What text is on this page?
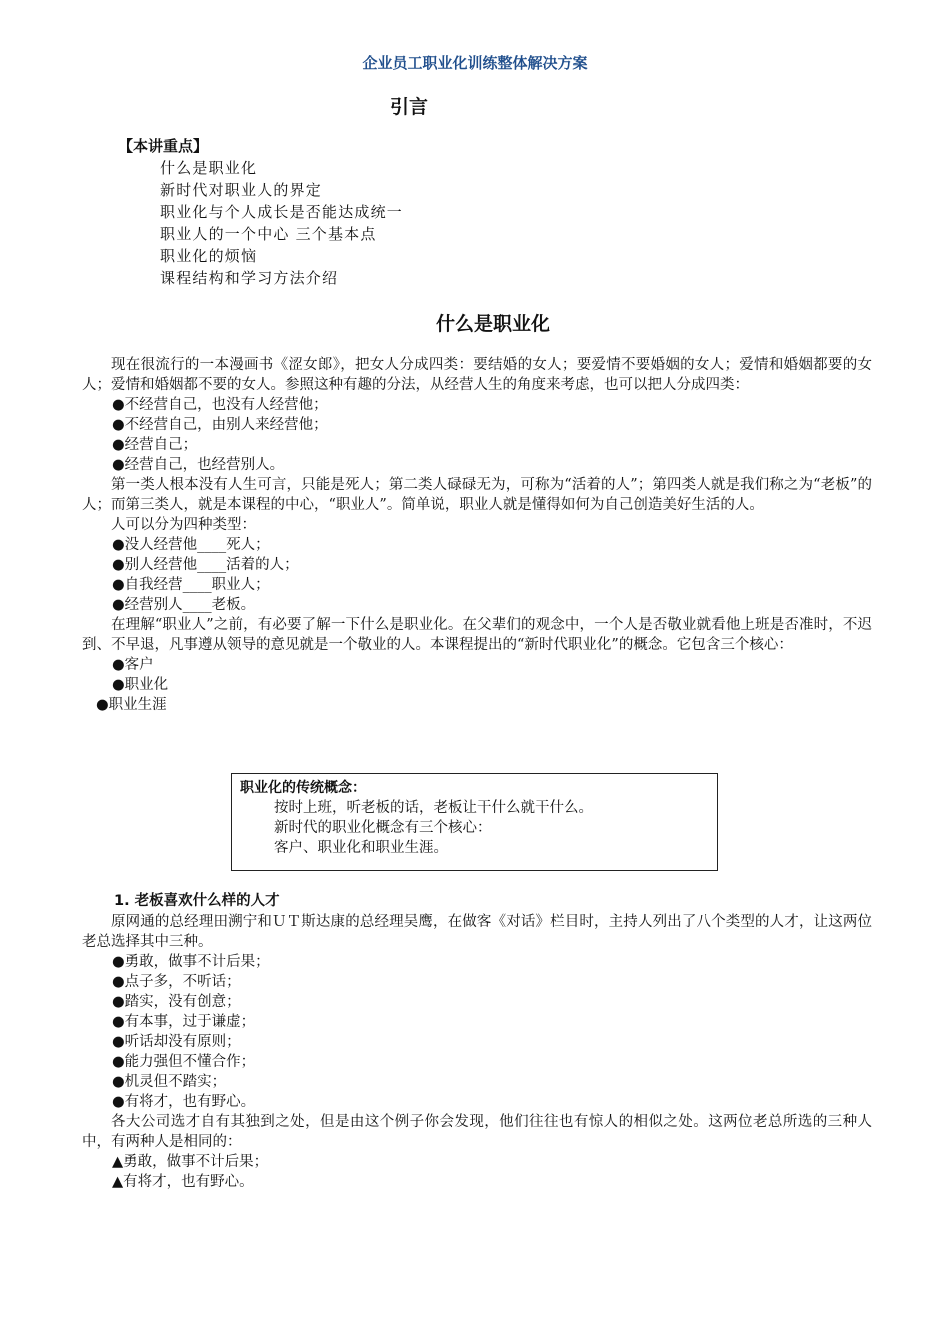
企业员工职业化训练整体解决方案
引言
【本讲重点】
什么是职业化
新时代对职业人的界定
职业化与个人成长是否能达成统一
职业人的一个中心 三个基本点
职业化的烦恼
课程结构和学习方法介绍
什么是职业化

现在很流行的一本漫画书《涩女郎》，把女人分成四类：要结婚的女人；要爱情不要婚姻的女人；爱情和婚姻都要的女人；爱情和婚姻都不要的女人。参照这种有趣的分法，从经营人生的角度来考虑，也可以把人分成四类：

●不经营自己，也没有人经营他；
●不经营自己，由别人来经营他；
●经营自己；
●经营自己，也经营别人。

第一类人根本没有人生可言，只能是死人；第二类人碌碌无为，可称为“活着的人”；第四类人就是我们称之为“老板”的人；而第三类人，就是本课程的中心，“职业人”。简单说，职业人就是懂得如何为自己创造美好生活的人。

人可以分为四种类型：

●没人经营他____死人；
●别人经营他____活着的人；
●自我经营____职业人；
●经营别人____老板。

在理解“职业人”之前，有必要了解一下什么是职业化。在父辈们的观念中，一个人是否敬业就看他上班是否准时，不迟到、不早退，凡事遵从领导的意见就是一个敬业的人。本课程提出的“新时代职业化”的概念。它包含三个核心：

●客户
●职业化
●职业生涯
职业化的传统概念：
按时上班，听老板的话，老板让干什么就干什么。
新时代的职业化概念有三个核心：
客户、职业化和职业生涯。
1. 老板喜欢什么样的人才

原网通的总经理田溯宁和ＵＴ斯达康的总经理吴鹰，在做客《对话》栏目时，主持人列出了八个类型的人才，让这两位老总选择其中三种。

●勇敢，做事不计后果；
●点子多，不听话；
●踏实，没有创意；
●有本事，过于谦虚；
●听话却没有原则；
●能力强但不懂合作；
●机灵但不踏实；
●有将才，也有野心。

各大公司选才自有其独到之处，但是由这个例子你会发现，他们往往也有惊人的相似之处。这两位老总所选的三种人中，有两种人是相同的：

▲勇敢，做事不计后果；
▲有将才，也有野心。
